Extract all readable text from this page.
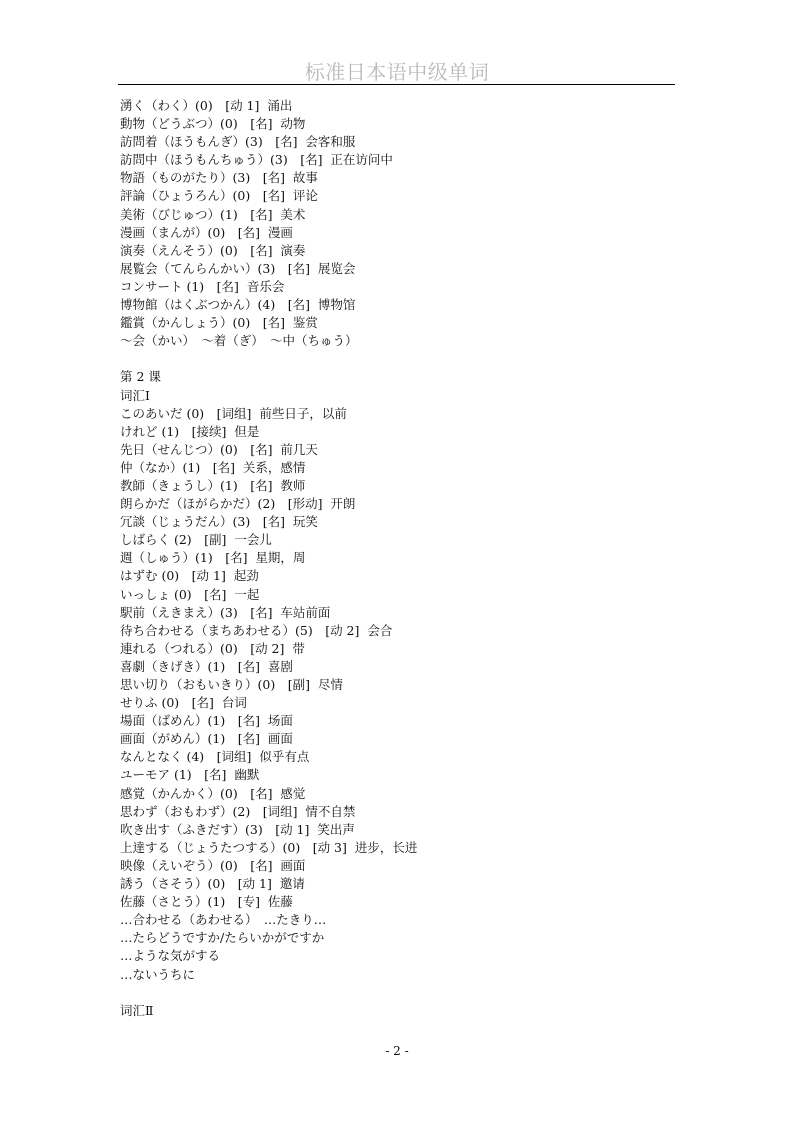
标准日本语中级单词
湧く（わく）(0)　[动 1]  涌出
動物（どうぶつ）(0)　[名]  动物
訪問着（ほうもんぎ）(3)　[名]  会客和服
訪問中（ほうもんちゅう）(3)　[名]  正在访问中
物語（ものがたり）(3)　[名]  故事
評論（ひょうろん）(0)　[名]  评论
美術（びじゅつ）(1)　[名]  美术
漫画（まんが）(0)　[名]  漫画
演奏（えんそう）(0)　[名]  演奏
展覧会（てんらんかい）(3)　[名]  展览会
コンサート (1)　[名]  音乐会
博物館（はくぶつかん）(4)　[名]  博物馆
鑑賞（かんしょう）(0)　[名]  鉴赏
～会（かい）　～着（ぎ）　～中（ちゅう）
第 2 课
词汇Ⅰ
このあいだ (0)　[词组]  前些日子，以前
けれど (1)　[接续]  但是
先日（せんじつ）(0)　[名]  前几天
仲（なか）(1)　[名]  关系，感情
教師（きょうし）(1)　[名]  教师
朗らかだ（ほがらかだ）(2)　[形动]  开朗
冗談（じょうだん）(3)　[名]  玩笑
しばらく (2)　[副]  一会儿
週（しゅう）(1)　[名]  星期，周
はずむ (0)　[动 1]  起劲
いっしょ (0)　[名]  一起
駅前（えきまえ）(3)　[名]  车站前面
待ち合わせる（まちあわせる）(5)　[动 2]  会合
連れる（つれる）(0)　[动 2]  带
喜劇（きげき）(1)　[名]  喜剧
思い切り（おもいきり）(0)　[副]  尽情
せりふ (0)　[名]  台词
場面（ばめん）(1)　[名]  场面
画面（がめん）(1)　[名]  画面
なんとなく (4)　[词组]  似乎有点
ユーモア (1)　[名]  幽默
感覚（かんかく）(0)　[名]  感觉
思わず（おもわず）(2)　[词组]  情不自禁
吹き出す（ふきだす）(3)　[动 1]  笑出声
上達する（じょうたつする）(0)　[动 3]  进步，长进
映像（えいぞう）(0)　[名]  画面
誘う（さそう）(0)　[动 1]  邀请
佐藤（さとう）(1)　[专]  佐藤
…合わせる（あわせる）　…たきり…
…たらどうですか/たらいかがですか
…ような気がする
…ないうちに
词汇Ⅱ
- 2 -
